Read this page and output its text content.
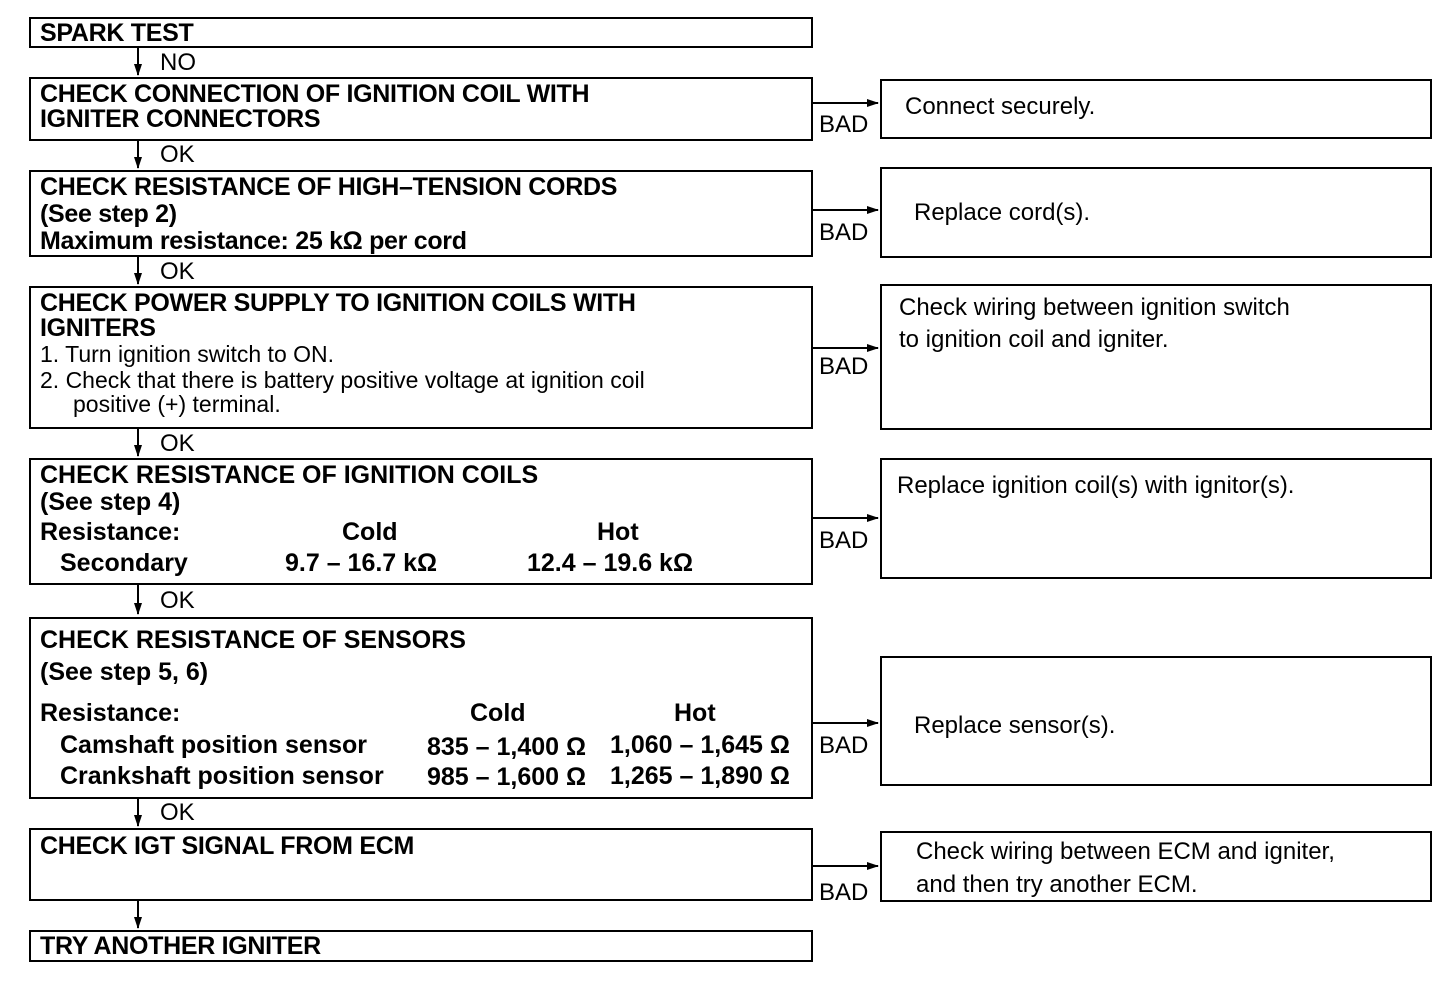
NO
OK
OK
OK
OK
OK
BAD
BAD
BAD
BAD
BAD
BAD
SPARK TEST
CHECK CONNECTION OF IGNITION COIL WITH
IGNITER CONNECTORS
CHECK RESISTANCE OF HIGH–TENSION CORDS
(See step 2)
Maximum resistance: 25 kΩ per cord
CHECK POWER SUPPLY TO IGNITION COILS WITH
IGNITERS
1. Turn ignition switch to ON.
2. Check that there is battery positive voltage at ignition coil
positive (+) terminal.
CHECK RESISTANCE OF IGNITION COILS
(See step 4)
Resistance:	Cold	Hot
Secondary	9.7 – 16.7 kΩ	12.4 – 19.6 kΩ
CHECK RESISTANCE OF SENSORS
(See step 5, 6)
Resistance:	Cold	Hot
Camshaft position sensor 835 – 1,400 Ω 1,060 – 1,645 Ω
Crankshaft position sensor 985 – 1,600 Ω 1,265 – 1,890 Ω
CHECK IGT SIGNAL FROM ECM
TRY ANOTHER IGNITER
Connect securely.
Replace cord(s).
Check wiring between ignition switch
to ignition coil and igniter.
Replace ignition coil(s) with ignitor(s).
Replace sensor(s).
Check wiring between ECM and igniter,
and then try another ECM.
